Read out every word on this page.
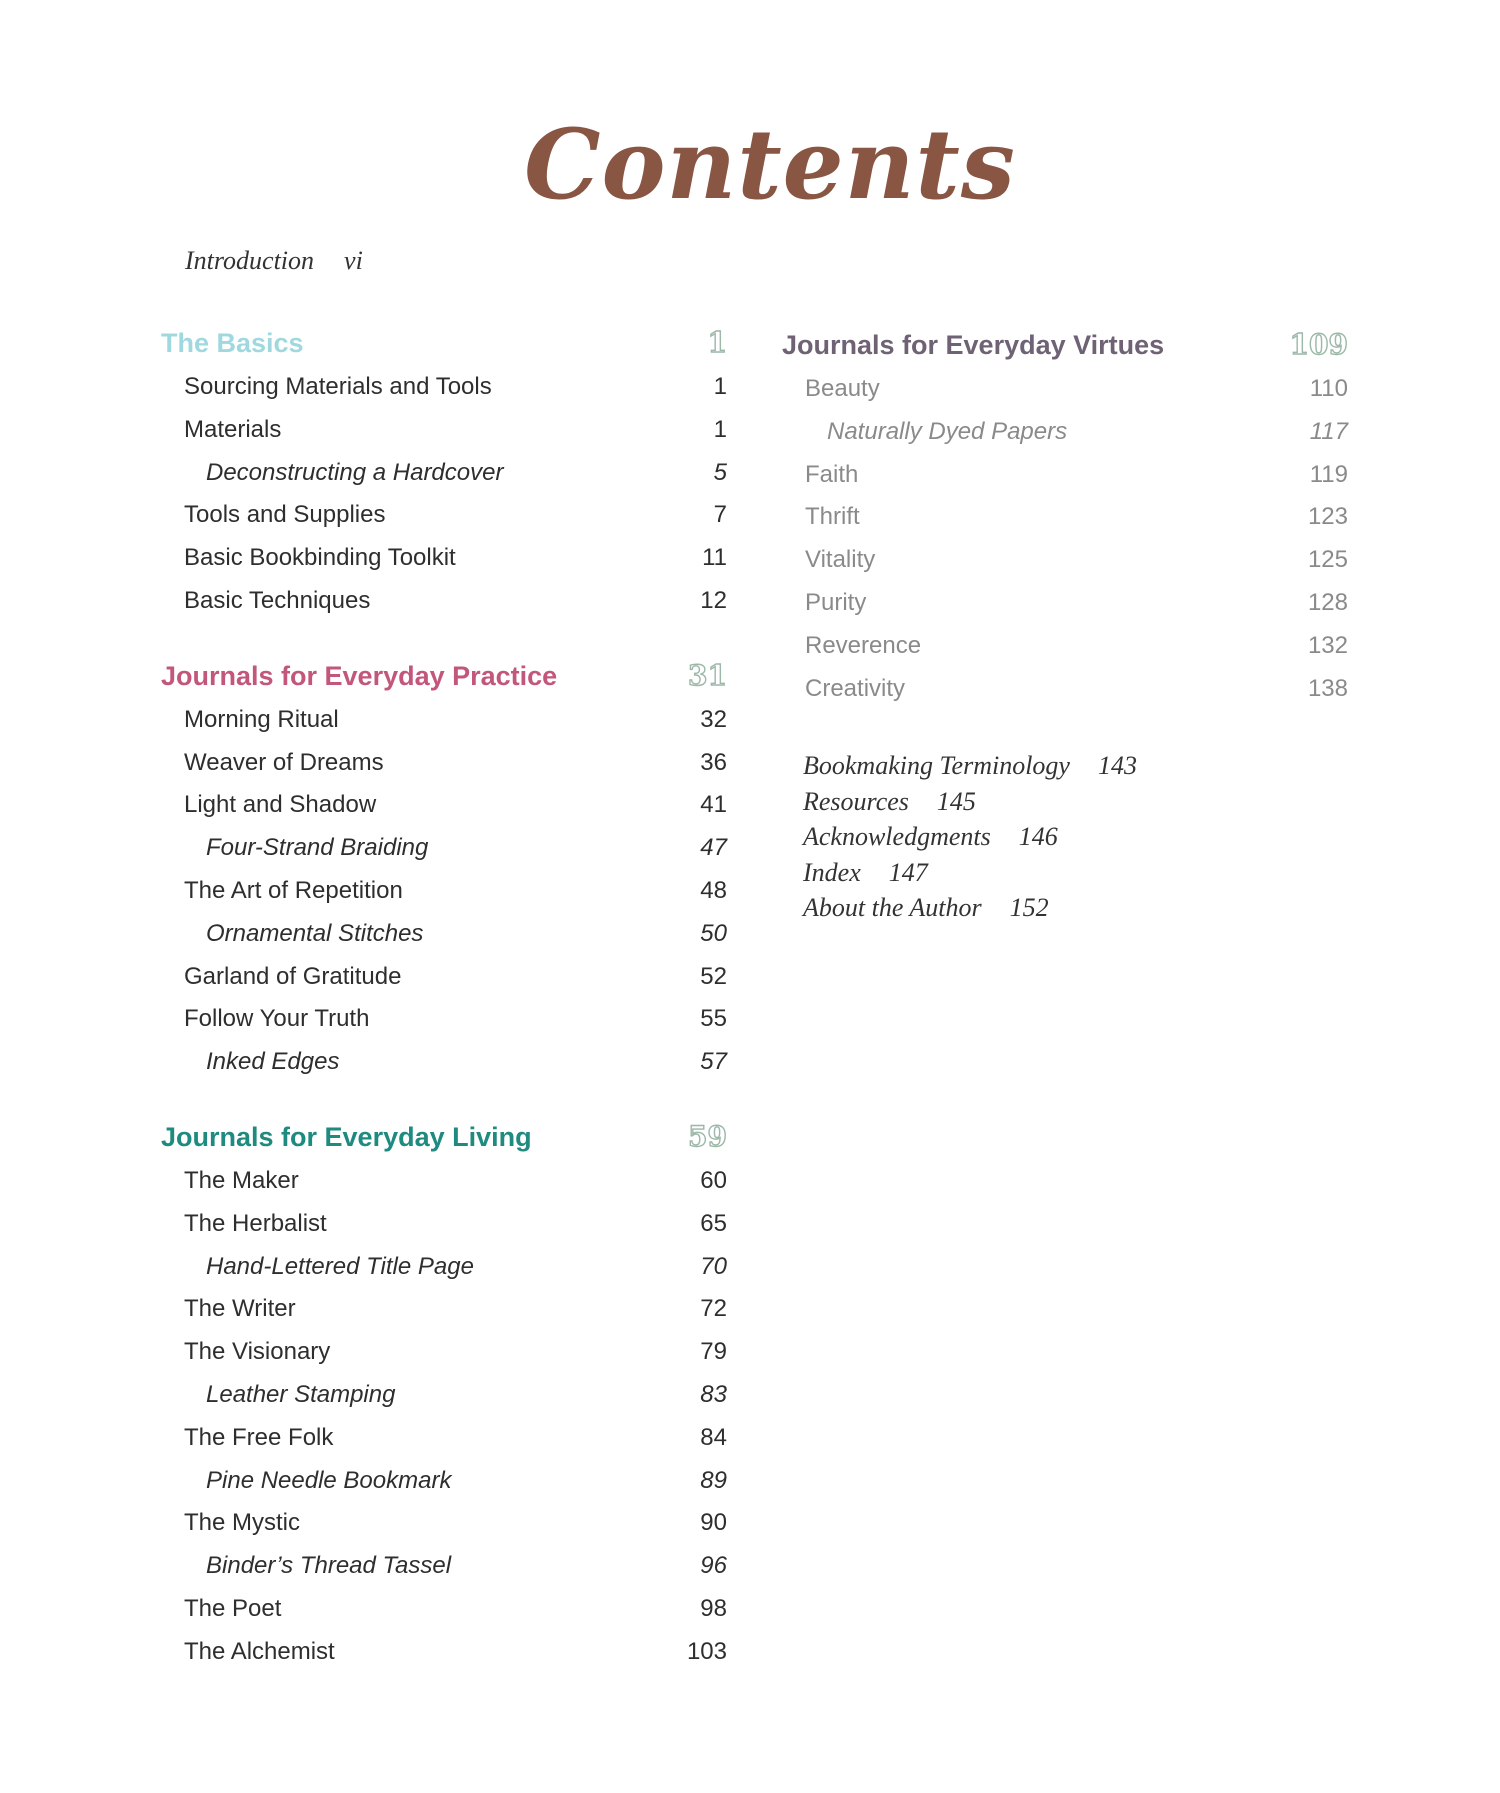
Contents
Introduction vi
The Basics	1
Sourcing Materials and Tools	1
Materials	1
Deconstructing a Hardcover	5
Tools and Supplies	7
Basic Bookbinding Toolkit	11
Basic Techniques	12
Journals for Everyday Practice	31
Morning Ritual	32
Weaver of Dreams	36
Light and Shadow	41
Four-Strand Braiding	47
The Art of Repetition	48
Ornamental Stitches	50
Garland of Gratitude	52
Follow Your Truth	55
Inked Edges	57
Journals for Everyday Living	59
The Maker	60
The Herbalist	65
Hand-Lettered Title Page	70
The Writer	72
The Visionary	79
Leather Stamping	83
The Free Folk	84
Pine Needle Bookmark	89
The Mystic	90
Binder’s Thread Tassel	96
The Poet	98
The Alchemist	103
Journals for Everyday Virtues	109
Beauty	110
Naturally Dyed Papers	117
Faith	119
Thrift	123
Vitality	125
Purity	128
Reverence	132
Creativity	138
Bookmaking Terminology 143
Resources 145
Acknowledgments 146
Index 147
About the Author 152
